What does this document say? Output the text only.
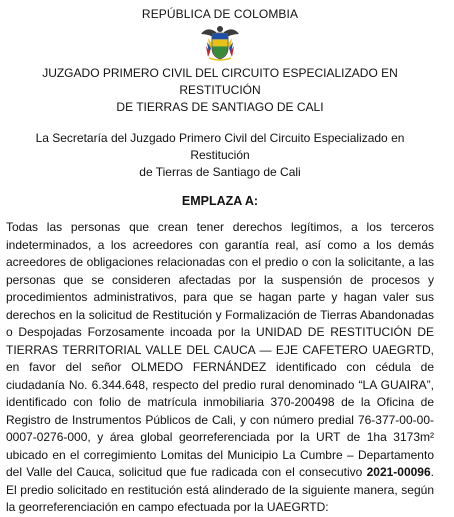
REPÚBLICA DE COLOMBIA
JUZGADO PRIMERO CIVIL DEL CIRCUITO ESPECIALIZADO EN RESTITUCIÓN
DE TIERRAS DE SANTIAGO DE CALI
La Secretaría del Juzgado Primero Civil del Circuito Especializado en Restitución
de Tierras de Santiago de Cali
EMPLAZA A:
Todas las personas que crean tener derechos legítimos, a los terceros indeterminados, a los acreedores con garantía real, así como a los demás acreedores de obligaciones relacionadas con el predio o con la solicitante, a las personas que se consideren afectadas por la suspensión de procesos y procedimientos administrativos, para que se hagan parte y hagan valer sus derechos en la solicitud de Restitución y Formalización de Tierras Abandonadas o Despojadas Forzosamente incoada por la UNIDAD DE RESTITUCIÓN DE TIERRAS TERRITORIAL VALLE DEL CAUCA — EJE CAFETERO UAEGRTD, en favor del señor OLMEDO FERNÁNDEZ identificado con cédula de ciudadanía No. 6.344.648, respecto del predio rural denominado “LA GUAIRA”, identificado con folio de matrícula inmobiliaria 370-200498 de la Oficina de Registro de Instrumentos Públicos de Cali, y con número predial 76-377-00-00-0007-0276-000, y área global georreferenciada por la URT de 1ha 3173m² ubicado en el corregimiento Lomitas del Municipio La Cumbre – Departamento del Valle del Cauca, solicitud que fue radicada con el consecutivo 2021-00096. El predio solicitado en restitución está alinderado de la siguiente manera, según la georreferenciación en campo efectuada por la UAEGRTD:
